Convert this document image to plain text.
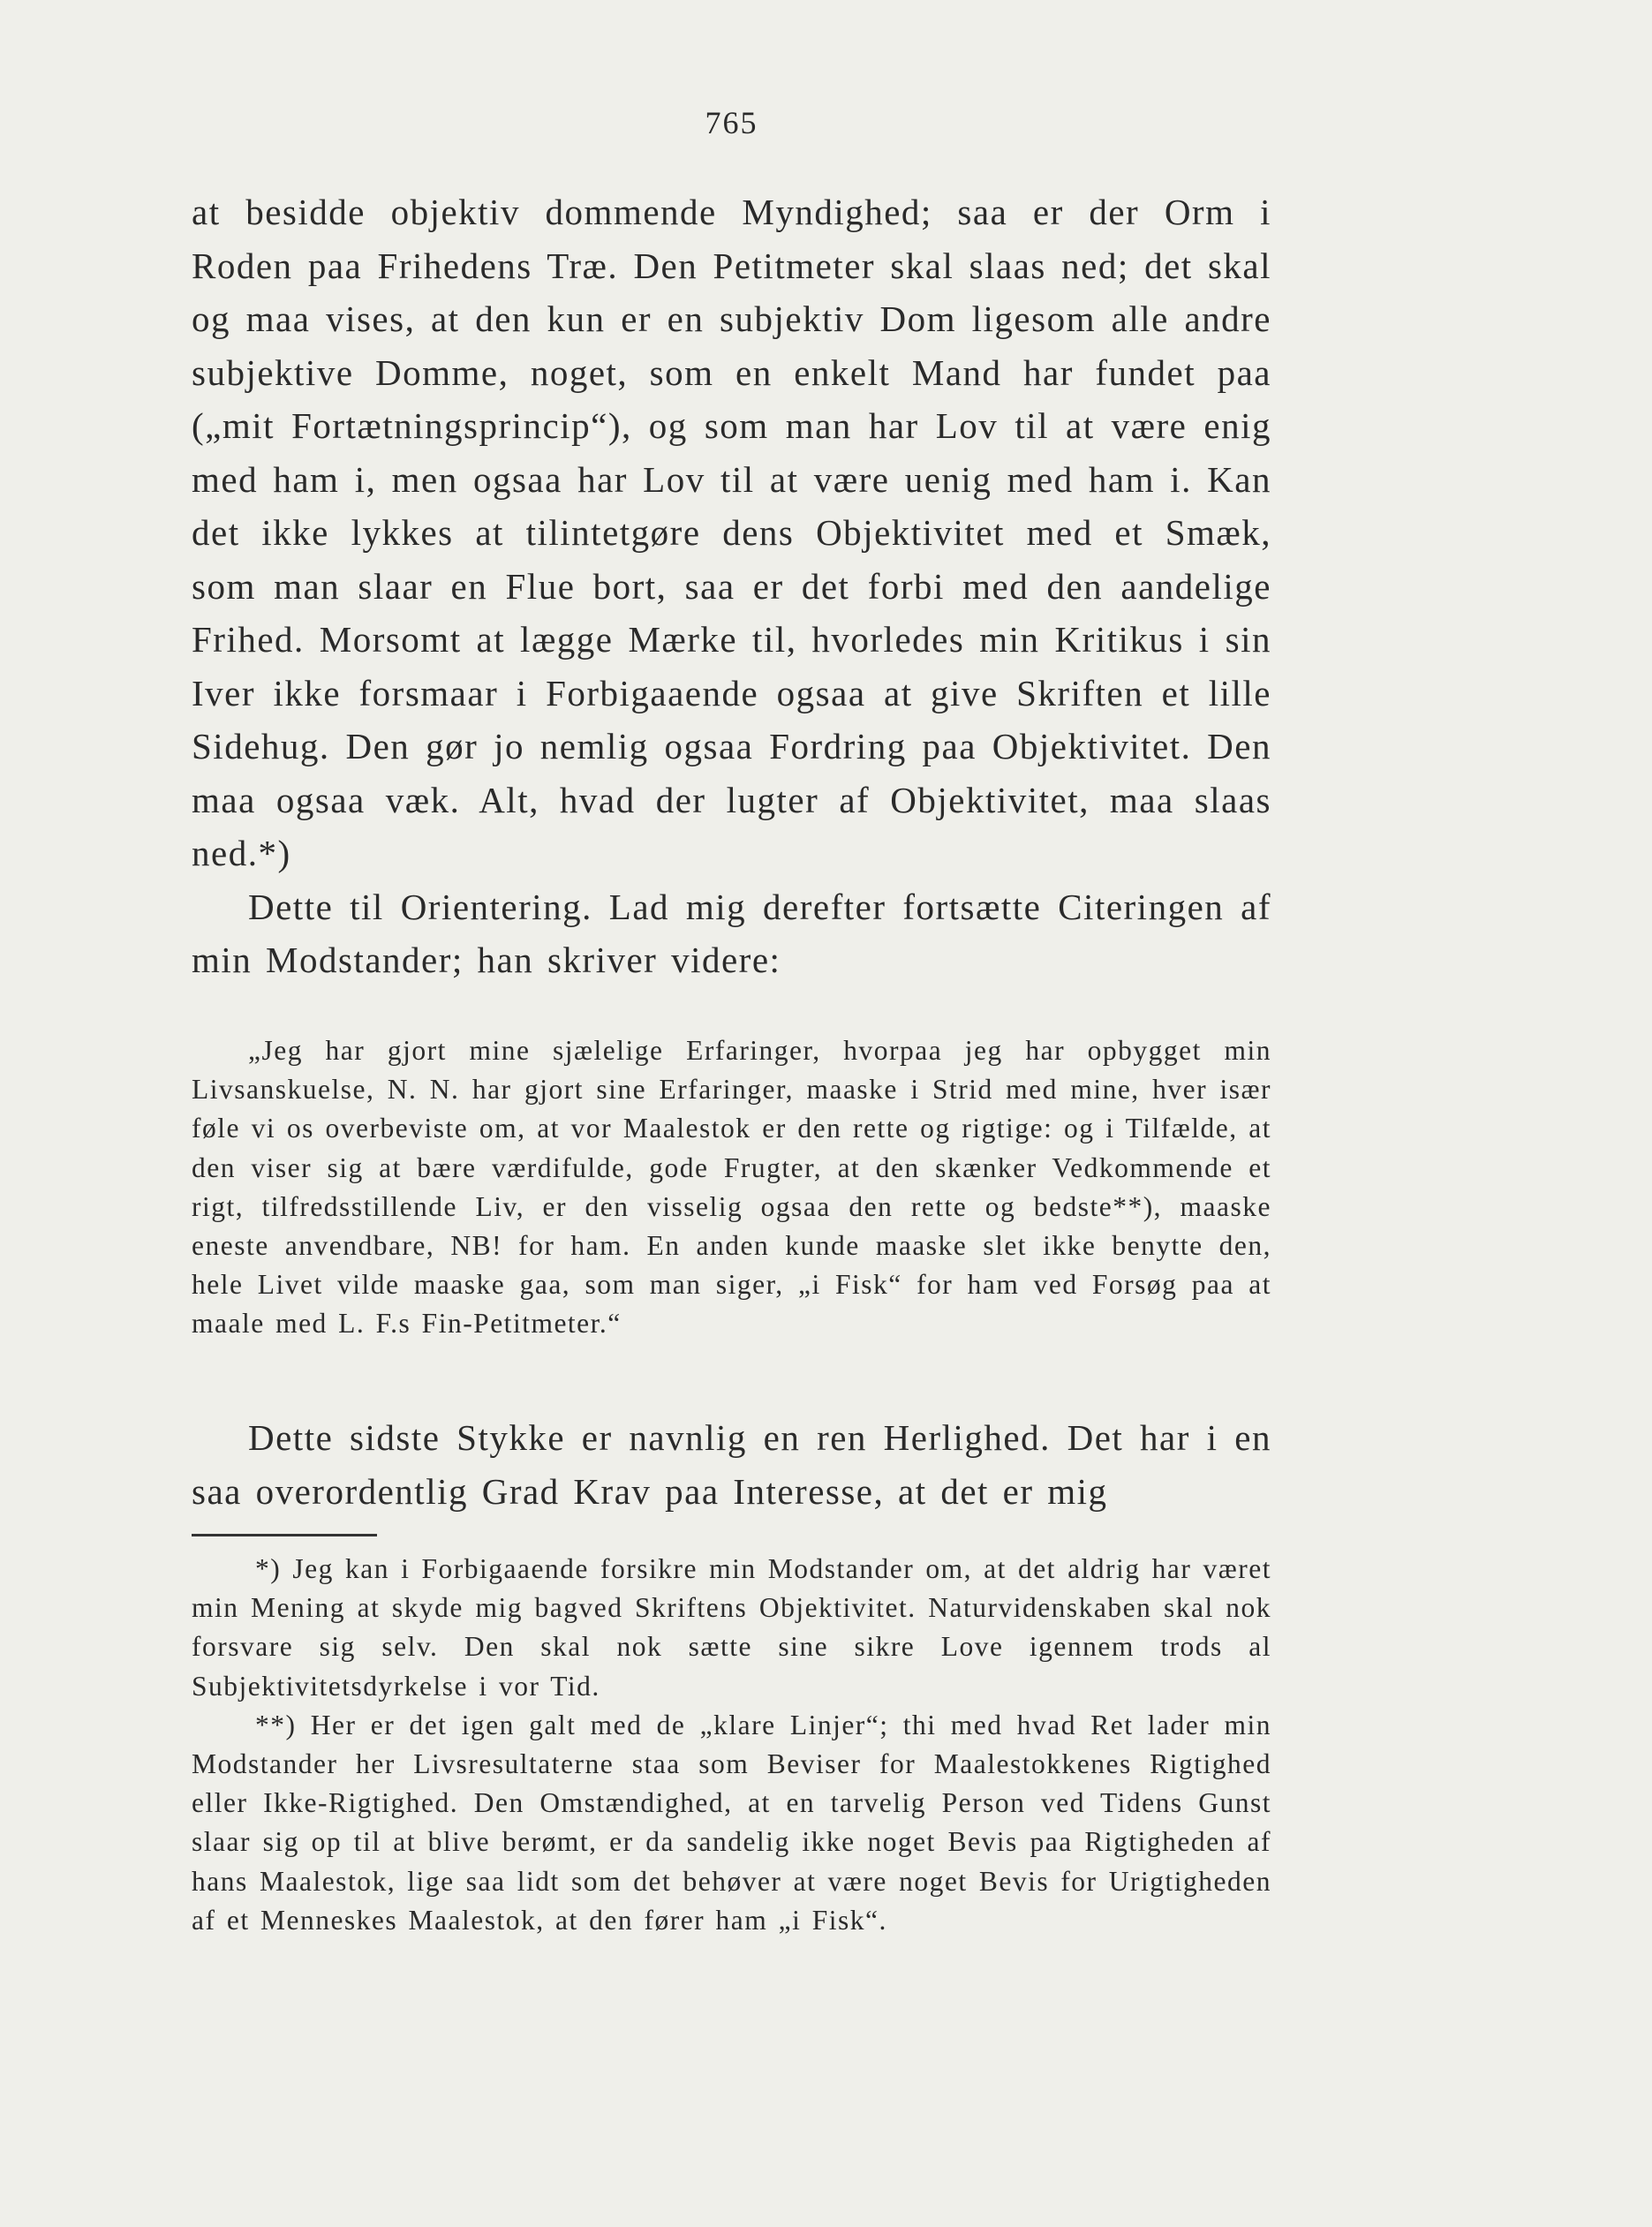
765

at besidde objektiv dommende Myndighed; saa er der Orm i Roden paa Frihedens Træ. Den Petitmeter skal slaas ned; det skal og maa vises, at den kun er en subjektiv Dom ligesom alle andre subjektive Domme, noget, som en enkelt Mand har fundet paa („mit Fortætningsprincip“), og som man har Lov til at være enig med ham i, men ogsaa har Lov til at være uenig med ham i. Kan det ikke lykkes at tilintetgøre dens Objektivitet med et Smæk, som man slaar en Flue bort, saa er det forbi med den aandelige Frihed. Morsomt at lægge Mærke til, hvorledes min Kritikus i sin Iver ikke forsmaar i Forbigaaende ogsaa at give Skriften et lille Sidehug. Den gør jo nemlig ogsaa Fordring paa Objektivitet. Den maa ogsaa væk. Alt, hvad der lugter af Objektivitet, maa slaas ned.*)

Dette til Orientering. Lad mig derefter fortsætte Citeringen af min Modstander; han skriver videre:

„Jeg har gjort mine sjælelige Erfaringer, hvorpaa jeg har opbygget min Livsanskuelse, N. N. har gjort sine Erfaringer, maaske i Strid med mine, hver især føle vi os overbeviste om, at vor Maalestok er den rette og rigtige: og i Tilfælde, at den viser sig at bære værdifulde, gode Frugter, at den skænker Vedkommende et rigt, tilfredsstillende Liv, er den visselig ogsaa den rette og bedste**), maaske eneste anvendbare, NB! for ham. En anden kunde maaske slet ikke benytte den, hele Livet vilde maaske gaa, som man siger, „i Fisk“ for ham ved Forsøg paa at maale med L. F.s Fin-Petitmeter.“

Dette sidste Stykke er navnlig en ren Herlighed. Det har i en saa overordentlig Grad Krav paa Interesse, at det er mig

*) Jeg kan i Forbigaaende forsikre min Modstander om, at det aldrig har været min Mening at skyde mig bagved Skriftens Objektivitet. Naturvidenskaben skal nok forsvare sig selv. Den skal nok sætte sine sikre Love igennem trods al Subjektivitetsdyrkelse i vor Tid.

**) Her er det igen galt med de „klare Linjer“; thi med hvad Ret lader min Modstander her Livsresultaterne staa som Beviser for Maalestokkenes Rigtighed eller Ikke-Rigtighed. Den Omstændighed, at en tarvelig Person ved Tidens Gunst slaar sig op til at blive berømt, er da sandelig ikke noget Bevis paa Rigtigheden af hans Maalestok, lige saa lidt som det behøver at være noget Bevis for Urigtigheden af et Menneskes Maalestok, at den fører ham „i Fisk“.
